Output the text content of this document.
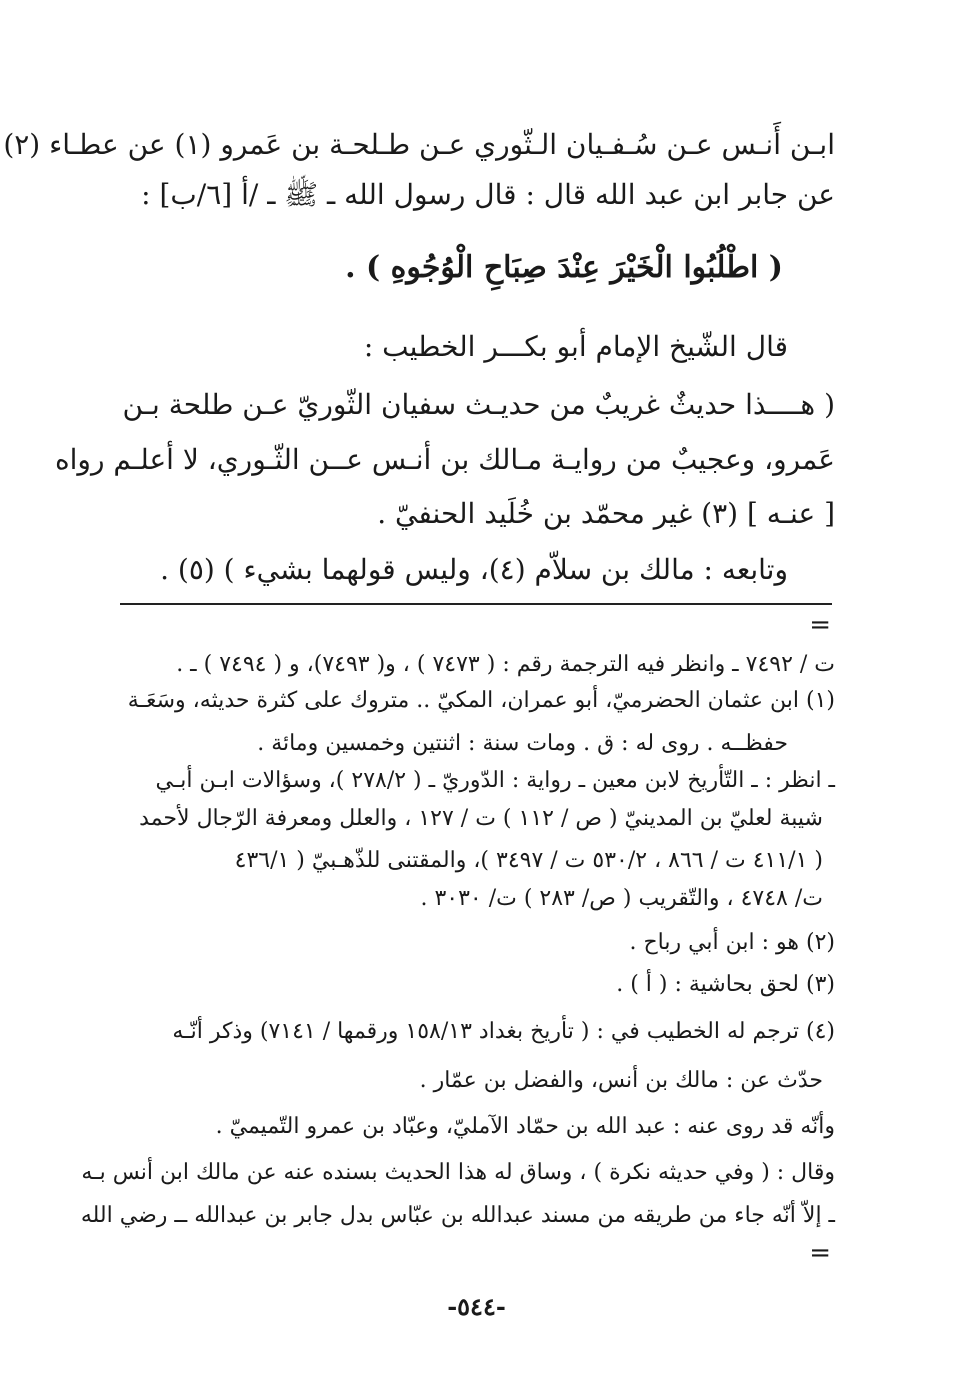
ابـن أَنـس عـن سُـفـيان الـثّوري عـن طـلحـة بن عَمرو (١) عن عطـاء (٢)
عن جابر ابن عبد الله قال : قال رسول الله ـ ﷺ ـ /أ [٦/ب] :
( اطْلُبُوا الْخَيْرَ عِنْدَ صِبَاحِ الْوُجُوهِ ) .
قال الشّيخ الإمام أبو بكـــر الخطيب :
( هــــذا حديثٌ غريبٌ من حديـث سفيان الثّوريّ عـن طلحة بـن
عَمرو، وعجيبٌ من روايـة مـالك بن أنـس عــن الثّـوري، لا أعلـم رواه
[ عنـه ] (٣) غير محمّد بن خُلَيد الحنفيّ .
وتابعه : مالك بن سلاّم (٤)، وليس قولهما بشيء ) (٥) .
=
ت / ٧٤٩٢ ـ وانظر فيه الترجمة رقم : ( ٧٤٧٣ ) ، و( ٧٤٩٣)، و ( ٧٤٩٤ ) ـ .
(١) ابن عثمان الحضرميّ، أبو عمران، المكيّ .. متروك على كثرة حديثه، وسَعَـة
حفظــه . روى له : ق . ومات سنة : اثنتين وخمسين ومائة .
ـ انظر : ـ التّأريخ لابن معين ـ رواية : الدّوريّ ـ ( ٢٧٨/٢ )، وسؤالات ابـن أبـي
شيبة لعليّ بن المدينيّ ( ص / ١١٢ ) ت / ١٢٧ ، والعلل ومعرفة الرّجال لأحمد
( ٤١١/١ ت / ٨٦٦ ، ٥٣٠/٢ ت / ٣٤٩٧ )، والمقتنى للذّهـبيّ ( ٤٣٦/١
ت/ ٤٧٤٨ ، والتّقريب ( ص/ ٢٨٣ ) ت/ ٣٠٣٠ .
(٢) هو : ابن أبي رباح .
(٣) لحق بحاشية : ( أ ) .
(٤) ترجم له الخطيب في : ( تأريخ بغداد ١٥٨/١٣ ورقمها / ٧١٤١) وذكر أنّـه
حدّث عن : مالك بن أنس، والفضل بن عمّار .
وأنّه قد روى عنه : عبد الله بن حمّاد الآمليّ، وعبّاد بن عمرو التّميميّ .
وقال : ( وفي حديثه نكرة ) ، وساق له هذا الحديث بسنده عنه عن مالك ابن أنس بـه
ـ إلاّ أنّه جاء من طريقه من مسند عبدالله بن عبّاس بدل جابر بن عبدالله ــ رضي الله
=
-٥٤٤-
